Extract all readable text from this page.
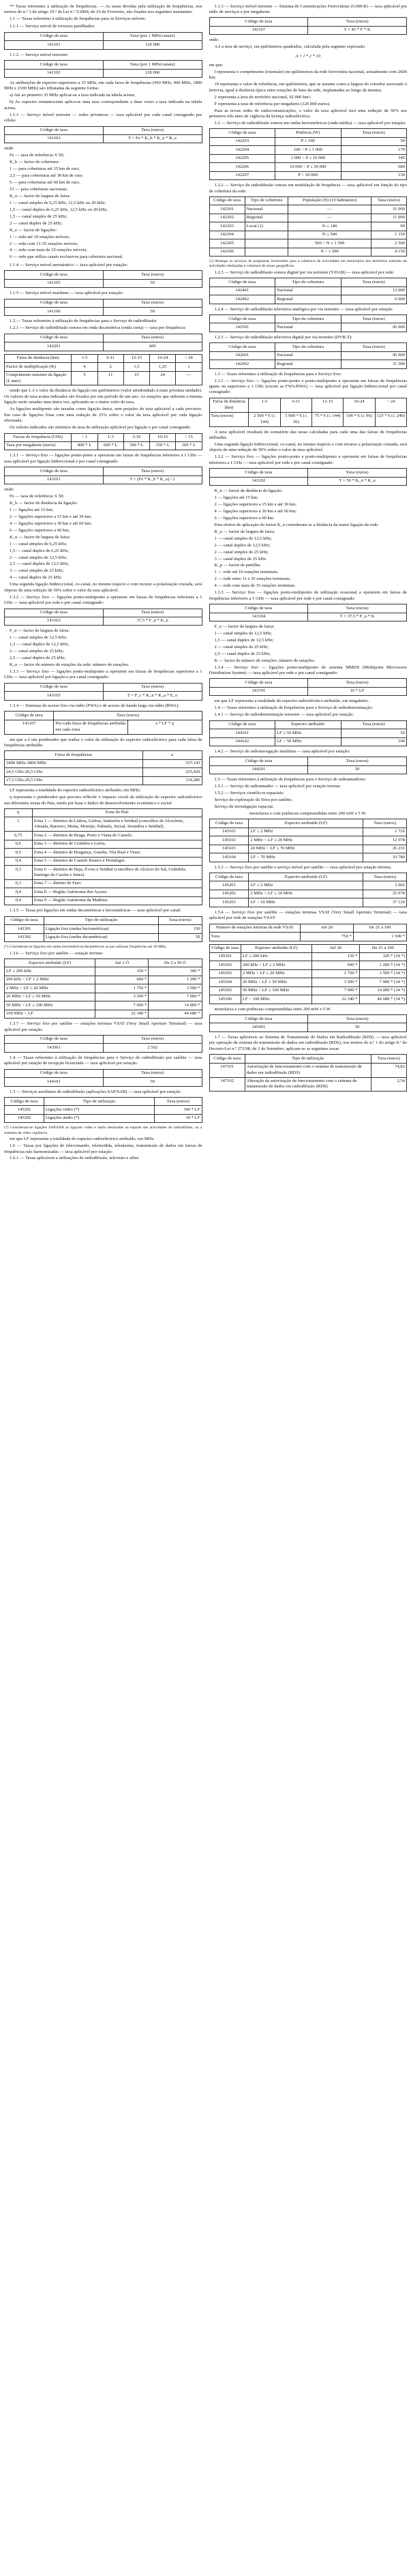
** Taxas referentes à utilização de frequências. — As taxas devidas pela utilização de frequências, nos termos do n.º 3 do artigo 19.º da Lei n.º 5/2004, de 10 de Fevereiro, são fixadas nos seguintes montantes:

1.1 — Taxas referentes à utilização de frequências para os Serviços móveis:

1.1.1 — Serviço móvel de recursos partilhados:
Código de taxa	Taxa (por 1 MHz/canais)
141101	120 000
1.1.2 — Serviço móvel terrestre:
Código de taxa	Taxa (por 1 MHz/canais)
141102	120 000

As atribuições de espectro superiores a 35 MHz, em cada faixa de frequências (450 MHz, 900 MHz, 1800 MHz e 2100 MHz) são tributadas da seguinte forma:

a) Até ao primeiro 35 MHz aplicar-se a taxa indicada na tabela acima;

b) Ao espectro remanescente aplica-se uma taxa correspondente a duas vezes a taxa indicada na tabela acima.

1.1.3 — Serviço móvel terrestre — redes privativas — taxa aplicável por cada canal consignado por célula:

Código de taxa	Taxa (euros)
141103	T = Fe * K_b * K_u * K_z

onde:

Fe — taxa de referência: € 50;

K_b — factor de cobertura:

1 — para coberturas até 15 km de raio;

2,5 — para coberturas até 30 km de raio;

5 — para coberturas até 60 km de raio;

15 — para coberturas nacionais;

K_u — factor de largura de faixa:

1 — canal simples de 6,25 kHz, 12,5 kHz ou 20 kHz;

1,5 — canal duplex de 6,25 kHz, 12,5 kHz ou 20 kHz;

1,5 — canal simples de 25 kHz;

2 — canal duplex de 25 kHz;

K_z — factor de ligações:

1 — rede até 10 estações móveis;

2 — rede com 11-35 estações móveis;

4 — rede com mais de 35 estações móveis;

6 — rede que utiliza canais exclusivos para cobertura nacional.

1.1.4 — Serviço móvel aeronáutico — taxa aplicável por estação:
Código de taxa	Taxa (euros)
141105	50
1.1.5 — Serviço móvel marítimo — taxa aplicável por estação:
Código de taxa	Taxa (euros)
141106	50

1.2 — Taxas referentes à utilização de frequências para o Serviço de radiodifusão:

1.2.1 — Serviço de radiodifusão sonora em onda decamétrica (onda curta) — taxa por frequência:

Código de taxa	Taxa (euros)
142201	600
Faixa de distância (km)	1-5	6-11	12-15	16-24	> 24
Factor de multiplicação (K)	4	2	1,5	1,25	1
Comprimento máximo da ligação (L máx)	5	11	15	24	—

sendo que L é o valor da distância da ligação em quilómetros (valor arredondado à mais próxima unidade). Os valores de taxa acima indicados são fixados por um período de um ano. As estações que utilizem a mesma ligação serão taxadas uma única vez, aplicando-se o maior valor de taxa.

As ligações multiponto são taxadas como ligação única, sem prejuízo da taxa aplicável a cada percurso. Em caso de ligações fixas com uma redução de 25% sobre o valor da taxa aplicável por cada ligação efectuada.

Os valores indicados são mínimos da taxa de utilização aplicável por ligação e por canal consignado.

Faixas de frequência (GHz)	< 1	1-3	3-10	10-15	> 15
Taxa por megahertz (euros)	800 * L	600 * L	300 * L	150 * L	100 * L

1.3.1 — Serviço fixo — ligações ponto-ponto a operarem em faixas de frequências inferiores a 1 GHz — taxa aplicável por ligação bidireccional e por canal consignado:

Código de taxa	Taxa (euros)
143101	T = (Fe * K_b * K_u) / 2

onde:

Fe — taxa de referência: € 50;

K_b — factor de distância da ligação:

1 — ligações até 15 km;

2 — ligações superiores a 15 km e até 30 km;

4 — ligações superiores a 30 km e até 60 km;

6 — ligações superiores a 60 km;

K_u — factor de largura de faixa:

1 — canal simples de 6,25 kHz;

1,5 — canal duplex de 6,25 kHz;

2 — canal simples de 12,5 kHz;

2,5 — canal duplex de 12,5 kHz;

3 — canal simples de 25 kHz;

4 — canal duplex de 25 kHz.

Uma segunda ligação bidireccional, co-canal, no mesmo trajecto e com recurso a polarização cruzada, será objecto de uma redução de 50% sobre o valor da taxa aplicável.

1.3.2 — Serviço fixo — ligações ponto-multiponto a operarem em faixas de frequências inferiores a 1 GHz — taxa aplicável por rede e por canal consignado:

Código de taxa	Taxa (euros)
143103	37,5 * F_u * K_n

F_u — factor de largura de faixa:

1 — canal simples de 12,5 kHz;

1,5 — canal duplex de 12,5 kHz;

2 — canal simples de 25 kHz;

2,5 — canal duplex de 25 kHz;

K_n — factor de número de estações da rede: número de estações.

1.3.3 — Serviço fixo — ligações ponto-multiponto a operarem em faixas de frequências superiores a 1 GHz — taxa aplicável por ligação e por canal consignado:

Código de taxa	Taxa (euros)
143105	T = F_c * K_n * K_a * E_o

1.3.4 — Sistemas de acesso fixo via rádio (FWA) e de acesso de banda larga via rádio (BWA):

Código de taxa	Taxa (euros)	
143107	Por cada faixa de frequências atribuída em cada zona	a * LF * η

em que a é um ponderador que traduz o valor da utilização do espectro radioeléctrico para cada faixa de frequências atribuída:

Faixa de frequências	a
3400 MHz-3800 MHz	337,143
24,5 GHz-26,5 GHz	225,429
27,5 GHz-29,5 GHz	114,286

LF representa a totalidade do espectro radioeléctrico atribuído, em MHz;

η representa o ponderador que procura reflectir o impacte social da utilização do espectro radioeléctrico nas diferentes zonas do País, tendo por base o índice de desenvolvimento económico e social:

η	Zona do País
1	Zona 1 — distritos de Lisboa, Lisboa, Santarém e Setúbal (concelhos de Alcochete, Almada, Barreiro, Moita, Montijo, Palmela, Seixal, Sesimbra e Setúbal).
0,75	Zona 2 — distritos de Braga, Porto e Viana do Castelo.
0,6	Zona 3 — distritos de Coimbra e Leiria.
0,5	Zona 4 — distritos de Bragança, Guarda, Vila Real e Viseu.
0,4	Zona 5 — distritos de Castelo Branco e Portalegre.
0,3	Zona 6 — distritos de Beja, Évora e Setúbal (concelhos de Alcácer do Sal, Grândola, Santiago do Cacém e Sines).
0,3	Zona 7 — distrito de Faro.
0,4	Zona 8 — Região Autónoma dos Açores.
0,4	Zona 9 — Região Autónoma da Madeira.

1.3.5 — Taxas por ligações em ondas decamétricas e hectométricas — taxa aplicável por canal:

Código de taxa	Tipo de utilização	Taxa (euros)
143301	Ligação fixa (ondas hectométricas)	150
143302	Ligação fixa (ondas decamétricas)	50

(*) Consideram-se ligações em ondas hectométricas/decamétricas as que utilizam frequências até 30 MHz.

1.3.6 — Serviço fixo por satélite — estação terrena:

Espectro atribuído (LF)	Até 2 Ó	De 2 a 50 Ó
LF ≤ 200 kHz	150 *	300 *
200 kHz < LF ≤ 2 MHz	600 *	1 200 *
2 MHz < LF ≤ 20 MHz	1 750 *	3 500 *
20 MHz < LF ≤ 50 MHz	3 500 *	7 000 *
50 MHz < LF ≤ 100 MHz	7 000 *	14 000 *
100 MHz < LF	22 340 *	44 680 *

1.3.7 — Serviço fixo por satélite — estações terrenas VSAT (Very Small Aperture Terminal) — taxa aplicável por estação:

Código de taxa	Taxa (euros)
143501	2 562

1.4 — Taxas referentes à utilização de frequências para o Serviço de radiodifusão por satélite — taxa aplicável por estação de recepção licenciada — taxa aplicável por estação:

Código de taxa	Taxa (euros)
144101	50

1.5 — Serviços auxiliares de radiodifusão (aplicações SAP/SAB) — taxa aplicável por estação:

Código de taxa	Tipo de utilização	Taxa (euros)
145201	Ligações vídeo (*)	360 * LF
145202	Ligações áudio (*)	10 * LF

(*) Consideram-se ligações SAP/SAB as ligações vídeo e áudio destinadas ao suporte das actividades de radiodifusão, ou a sistemas de vídeo vigilância.

em que LF representa a totalidade do espectro radioeléctrico atribuído, em MHz.

1.6 — Taxas por ligações de telecomando, telemedida, telealarme, transmissão de dados em faixas de frequências não harmonizadas — taxa aplicável por estação:

1.6.1 — Taxas aplicáveis a utilizações de radiodifusão, televisão e afins:

1.1.3 — Serviço móvel terrestre — Sistema de Comunicações Ferroviárias (GSM-R) — taxa aplicável por rádio de serviços e por megahertz:

Código de taxa	Taxa (euros)
141107	T = 45 * F * K

onde:

A é a área de serviço, em quilómetros quadrados, calculada pela seguinte expressão:

A = l * 2 * 10

em que:

l representa o comprimento (extensão) em quilómetros da rede ferroviária nacional, actualmente com 2600 km;

10 representa o valor de referência, em quilómetros, que se assume como a largura do corredor associado à ferrovia, igual à distância típica entre estações de base da rede, implantadas ao longo da mesma;

2 representa a área do território nacional, 92 000 km²;

F representa a taxa de referência por megahertz (120 000 euros).

Para as novas redes de radiocomunicações, o valor da taxa aplicável terá uma redução de 50% aos primeiros três anos de vigência da licença radioeléctrica.

1.2 — Serviço de radiodifusão sonora em ondas hectométricas (onda média) — taxa aplicável por estação:

Código de taxa	Potência (W)	Taxa (euros)
142203	P ≤ 100	50
142204	100 < P ≤ 1 000	170
142205	1 000 < P ≤ 10 000	340
142206	10 000 < P ≤ 50 000	680
142207	P > 50 000	130

1.2.2 — Serviço de radiodifusão sonora em modulação de frequência — taxa aplicável em função do tipo de cobertura da rede:

Código de taxa	Tipo de cobertura	População (N) (10 habitantes)	Taxa (euros)
142301	Nacional	—	31 000
142302	Regional	—	11 000
142303	Local (1)	N ≤ 140	90
142304		N ≤ 500	1 150
142305		500 < N ≤ 1 500	2 500
142306		N > 1 500	4 150

(1) Abrange os serviços de programas licenciados para a cobertura de actividades em municípios dos territórios tutelares de actividades destinadas à cobertura de zonas geográficas.

1.2.3 — Serviço de radiodifusão sonora digital por via terrestre (T-DAB) — taxa aplicável por rede:

Código de taxa	Tipo de cobertura	Taxa (euros)
142401	Nacional	12 000
142402	Regional	6 000

1.2.4 — Serviço de radiodifusão televisiva analógica por via terrestre — taxa aplicável por estação:

Código de taxa	Tipo de cobertura	Taxa (euros)
142501	Nacional	45 000

1.2.5 — Serviço de radiodifusão televisiva digital por via terrestre (DVB-T):

Código de taxa	Tipo de cobertura	Taxa (euros)
142601	Nacional	45 000
142602	Regional	31 500

1.3 — Taxas referentes à utilização de frequências para o Serviço fixo:

1.3.1 — Serviço fixo — ligações ponto-ponto e ponto-multiponto a operarem em faixas de frequências iguais ou superiores a 1 GHz (exceto as FWA/BWA) — taxa aplicável por ligação bidireccional por canal consignado:

Faixa de distância (km)	1-5	6-11	12-15	16-24	> 24
Taxa (euros)	2 500 * € (≤ 144)	5 000 * € (≤ 36)	75 * € (≤ 144)	100 * € (≤ 96)	125 * € (≤ 240)

A taxa aplicável resultará do somatório das taxas calculadas para cada uma das faixas de frequências utilizadas.

Uma segunda ligação bidireccional, co-canal, no mesmo trajecto e com recurso a polarização cruzada, será objecto de uma redução de 50% sobre o valor da taxa aplicável.

1.3.2 — Serviço fixo — ligações ponto-ponto e ponto-multiponto a operarem em faixas de frequências inferiores a 1 GHz — taxa aplicável por rede e por canal consignado:

Código de taxa	Taxa (euros)
143102	T = 50 * K_n * K_u

K_n — factor de distância da ligação:

1 — ligações até 15 km;

2 — ligações superiores a 15 km e até 30 km;

4 — ligações superiores a 30 km e até 60 km;

6 — ligações superiores a 60 km.

Para efeitos de aplicação do factor K_n consideram-se a distância da maior ligação da rede:

K_u — factor de largura de faixa:

1 — canal simples de 12,5 kHz;

2 — canal duplex de 12,5 kHz;

2 — canal simples de 25 kHz;

3 — canal duplex de 25 kHz.

K_p — factor de partilha:

1 — rede até 10 estações terminais;

2 — rede entre 11 e 35 estações terminais;

4 — rede com mais de 35 estações terminais.

1.3.3 — Serviço fixo — ligações ponto-multiponto de utilização ocasional a operarem em faixas de frequências inferiores a 1 GHz — taxa aplicável por rede e por canal consignado:

Código de taxa	Taxa (euros)
143104	T = 37,5 * F_u * K

F_u — factor de largura de faixa:

1 — canal simples de 12,5 kHz;

1,5 — canal duplex de 12,5 kHz;

2 — canal simples de 25 kHz;

2,5 — canal duplex de 25 kHz;

K — factor de número de estações: número de estações.

1.3.4 — Serviço fixo — ligações ponto-multiponto do sistema MMDS (Multipoint Microwave Distribution System) — taxa aplicável por rede e por canal consignado:

Código de taxa	Taxa (euros)
143701	16 * LF

em que LF representa a totalidade do espectro radioeléctrico atribuído, em megahertz.

1.4 — Taxas referentes à utilização de frequências para o Serviço de radiodeterminação:

1.4.1 — Serviço de radiodeterminação terrestre — taxa aplicável por estação:

Código de taxa	Espectro atribuído	Taxa (euros)
144101	LF ≤ 50 MHz	50
144102	LF > 50 MHz	100

1.4.2 — Serviço de radionavegação marítima — taxa aplicável por estação:

Código de taxa	Taxa (euros)
144201	50

1.5 — Taxas referentes à utilização de frequências para o Serviço de radioamadores:

1.5.1 — Serviço de radioamador — taxa aplicável por estação terrena:

1.5.2 — Serviços científicos espaciais:

Serviço de exploração da Terra por satélite;

Serviço de investigação espacial.

monofaixa e com potências compreendidas entre 200 mW e 5 W.

Código de taxa	Espectro atribuído (LF)	Taxa (euros)
145101	LF ≤ 2 MHz	1 726
145102	2 MHz < LF ≤ 20 MHz	12 078
145103	20 MHz < LF ≤ 70 MHz	26 231
145104	LF > 70 MHz	33 780

1.5.3 — Serviço fixo por satélite e serviço móvel por satélite — taxa aplicável por estação terrena:

Código de taxa	Espectro atribuído (LF)	Taxa (euros)
145201	LF ≤ 2 MHz	3 002
145202	2 MHz < LF ≤ 10 MHz	25 978
145203	LF > 10 MHz	37 120

1.5.4 — Serviço fixo por satélite — estações terrenas VSAT (Very Small Aperture Terminal) — taxa aplicável por rede de estações VSAT:

Número de estações terrenas da rede VSAT	Até 20	De 21 a 100
Taxa	750 *	1 500 *
Código de taxa	Espectro atribuído (LF)	Até 20	De 21 a 100
145301	LF ≤ 200 kHz	150 *	320 * (34 *)
145302	200 kHz < LF ≤ 2 MHz	600 *	1 200 * (34 *)
145303	2 MHz < LF ≤ 20 MHz	1 750 *	3 500 * (34 *)
145304	20 MHz < LF ≤ 50 MHz	3 500 *	7 000 * (34 *)
145305	50 MHz < LF ≤ 100 MHz	7 000 *	14 000 * (34 *)
145306	LF > 100 MHz	22 340 *	44 680 * (34 *)

monofaixa e com potências compreendidas entre 200 mW e 5 W.

Código de taxa	Taxa (euros)
145401	50

1.7 — Taxas aplicáveis ao Sistema de Transmissão de Dados em Radiodifusão (RDS) — taxa aplicável por operação de sistema de transmissão de dados em radiodifusão (RDS), nos termos do n.º 1 do artigo 8.º do Decreto-Lei n.º 272/98, de 2 de Setembro, aplicam-se as seguintes taxas:

Código de taxa	Tipo de utilização	Taxa (euros)
147101	Autorização de funcionamento com o sistema de transmissão de dados em radiodifusão (RDS)	74,82
147102	Alteração da autorização de funcionamento com o sistema de transmissão de dados em radiodifusão (RDS)	2,54
